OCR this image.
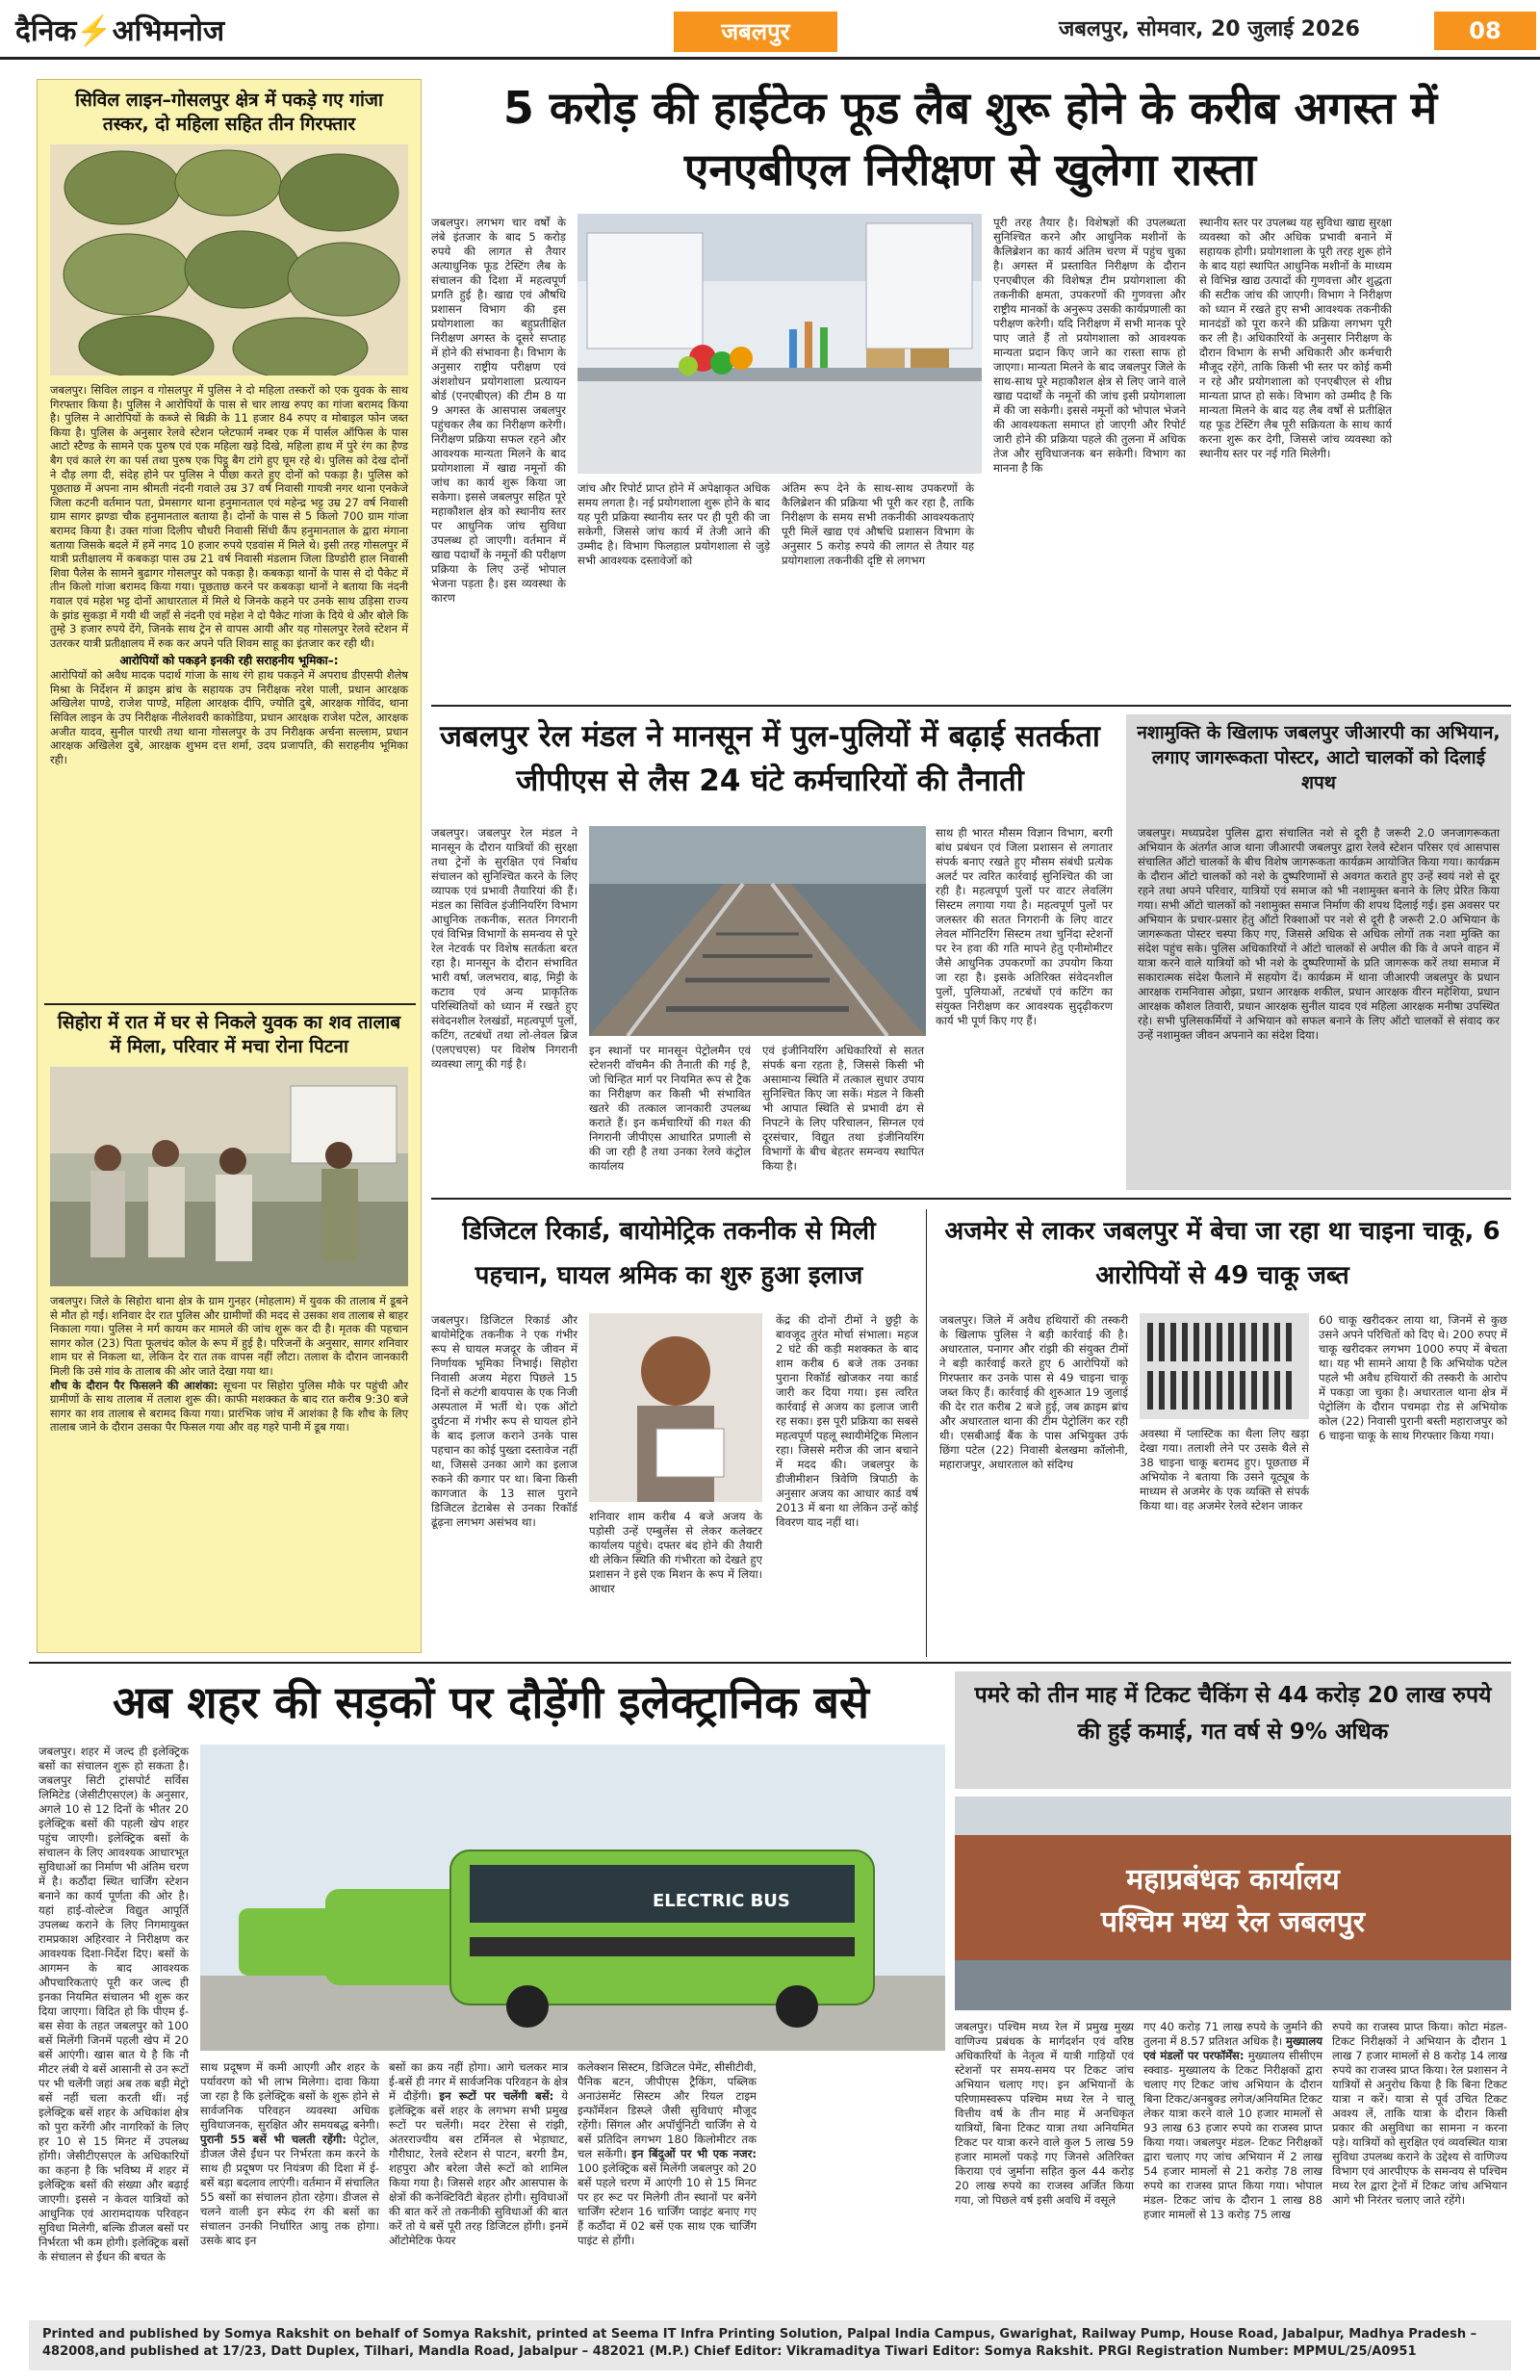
दैनिक⚡अभिमनोज	जबलपुर	जबलपुर, सोमवार, 20 जुलाई 2026	08
सिविल लाइन–गोसलपुर क्षेत्र में पकड़े गए गांजा तस्कर, दो महिला सहित तीन गिरफ्तार

जबलपुर। सिविल लाइन व गोसलपुर में पुलिस ने दो महिला तस्करों को एक युवक के साथ गिरफ्तार किया है। पुलिस ने आरोपियों के पास से चार लाख रुपए का गांजा बरामद किया है। पुलिस ने आरोपियों के कब्जे से बिक्री के 11 हजार 84 रुपए व मोबाइल फोन जब्त किया है। पुलिस के अनुसार रेलवे स्टेशन प्लेटफार्म नम्बर एक में पार्सल ऑफिस के पास आटो स्टैण्ड के सामने एक पुरुष एवं एक महिला खड़े दिखे, महिला हाथ में पुरे रंग का हैण्ड बैग एवं काले रंग का पर्स तथा पुरुष एक पिट्ठू बैग टांगे हुए घूम रहे थे। पुलिस को देख दोनों ने दौड़ लगा दी, संदेह होने पर पुलिस ने पीछा करते हुए दोनों को पकड़ा है। पुलिस को पूछताछ में अपना नाम श्रीमती नंदनी गवाले उम्र 37 वर्ष निवासी गायत्री नगर थाना एनकेजे जिला कटनी वर्तमान पता, प्रेमसागर थाना हनुमानताल एवं महेन्द्र भट्ट उम्र 27 वर्ष निवासी ग्राम सागर झण्डा चौक हनुमानताल बताया है। दोनों के पास से 5 किलो 700 ग्राम गांजा बरामद किया है। उक्त गांजा दिलीप चौधरी निवासी सिंधी कैंप हनुमानताल के द्वारा मंगाना बताया जिसके बदले में हमें नगद 10 हजार रुपये एडवांस में मिले थे। इसी तरह गोसलपुर में यात्री प्रतीक्षालय में कबकड़ा पास उम्र 21 वर्ष निवासी मंडलाम जिला डिण्डोरी हाल निवासी शिवा पैलेस के सामने बुढागर गोसलपुर को पकड़ा है। कबकड़ा थानों के पास से दो पैकेट में तीन किलो गांजा बरामद किया गया। पूछताछ करने पर कबकड़ा थानों ने बताया कि नंदनी गवाल एवं महेश भट्ट दोनों आधारताल में मिले थे जिनके कहने पर उनके साथ उड़िसा राज्य के झांड सुकड़ा में गयी थी जहाँ से नंदनी एवं महेश ने दो पैकेट गांजा के दिये थे और बोले कि तुम्हे 3 हजार रुपये देंगे, जिनके साथ ट्रेन से वापस आयी और यह गोसलपुर रेलवे स्टेशन में उतरकर यात्री प्रतीक्षालय में रुक कर अपने पति शिवम साहू का इंतजार कर रही थी।

आरोपियों को पकड़ने इनकी रही सराहनीय भूमिका–:

आरोपियों को अवैध मादक पदार्थ गांजा के साथ रंगे हाथ पकड़ने में अपराध डीएसपी शैलेष मिश्रा के निर्देशन में क्राइम ब्रांच के सहायक उप निरीक्षक नरेश पाली, प्रधान आरक्षक अखिलेश पाण्डे, राजेश पाण्डे, महिला आरक्षक दीपि, ज्योति दुबे, आरक्षक गोविंद, थाना सिविल लाइन के उप निरीक्षक नीलेशवरी काकोडिया, प्रधान आरक्षक राजेश पटेल, आरक्षक अजीत यादव, सुनील पारधी तथा थाना गोसलपुर के उप निरीक्षक अर्चना सल्लाम, प्रधान आरक्षक अखिलेश दुबे, आरक्षक शुभम दत्त शर्मा, उदय प्रजापति, की सराहनीय भूमिका रही।

सिहोरा में रात में घर से निकले युवक का शव तालाब में मिला, परिवार में मचा रोना पिटना

जबलपुर। जिले के सिहोरा थाना क्षेत्र के ग्राम गुनहर (मोहलाम) में युवक की तालाब में डूबने से मौत हो गई। शनिवार देर रात पुलिस और ग्रामीणों की मदद से उसका शव तालाब से बाहर निकाला गया। पुलिस ने मर्ग कायम कर मामले की जांच शुरू कर दी है। मृतक की पहचान सागर कोल (23) पिता फूलचंद कोल के रूप में हुई है। परिजनों के अनुसार, सागर शनिवार शाम घर से निकला था, लेकिन देर रात तक वापस नहीं लौटा। तलाश के दौरान जानकारी मिली कि उसे गांव के तालाब की ओर जाते देखा गया था।

शौच के दौरान पैर फिसलने की आशंका: सूचना पर सिहोरा पुलिस मौके पर पहुंची और ग्रामीणों के साथ तालाब में तलाश शुरू की। काफी मशक्कत के बाद रात करीब 9:30 बजे सागर का शव तालाब से बरामद किया गया। प्रारंभिक जांच में आशंका है कि शौच के लिए तालाब जाने के दौरान उसका पैर फिसल गया और वह गहरे पानी में डूब गया।

5 करोड़ की हाईटेक फूड लैब शुरू होने के करीब अगस्त में एनएबीएल निरीक्षण से खुलेगा रास्ता

जबलपुर। लगभग चार वर्षों के लंबे इंतजार के बाद 5 करोड़ रुपये की लागत से तैयार अत्याधुनिक फूड टेस्टिंग लैब के संचालन की दिशा में महत्वपूर्ण प्रगति हुई है। खाद्य एवं औषधि प्रशासन विभाग की इस प्रयोगशाला का बहुप्रतीक्षित निरीक्षण अगस्त के दूसरे सप्ताह में होने की संभावना है। विभाग के अनुसार राष्ट्रीय परीक्षण एवं अंशशोधन प्रयोगशाला प्रत्यायन बोर्ड (एनएबीएल) की टीम 8 या 9 अगस्त के आसपास जबलपुर पहुंचकर लैब का निरीक्षण करेगी। निरीक्षण प्रक्रिया सफल रहने और आवश्यक मान्यता मिलने के बाद प्रयोगशाला में खाद्य नमूनों की जांच का कार्य शुरू किया जा सकेगा। इससे जबलपुर सहित पूरे महाकौशल क्षेत्र को स्थानीय स्तर पर आधुनिक जांच सुविधा उपलब्ध हो जाएगी। वर्तमान में खाद्य पदार्थों के नमूनों की परीक्षण प्रक्रिया के लिए उन्हें भोपाल भेजना पड़ता है। इस व्यवस्था के कारण

जांच और रिपोर्ट प्राप्त होने में अपेक्षाकृत अधिक समय लगता है। नई प्रयोगशाला शुरू होने के बाद यह पूरी प्रक्रिया स्थानीय स्तर पर ही पूरी की जा सकेगी, जिससे जांच कार्य में तेजी आने की उम्मीद है। विभाग फिलहाल प्रयोगशाला से जुड़े सभी आवश्यक दस्तावेजों को

अंतिम रूप देने के साथ-साथ उपकरणों के कैलिब्रेशन की प्रक्रिया भी पूरी कर रहा है, ताकि निरीक्षण के समय सभी तकनीकी आवश्यकताएं पूरी मिलें खाद्य एवं औषधि प्रशासन विभाग के अनुसार 5 करोड़ रुपये की लागत से तैयार यह प्रयोगशाला तकनीकी दृष्टि से लगभग

पूरी तरह तैयार है। विशेषज्ञों की उपलब्धता सुनिश्चित करने और आधुनिक मशीनों के कैलिब्रेशन का कार्य अंतिम चरण में पहुंच चुका है। अगस्त में प्रस्तावित निरीक्षण के दौरान एनएबीएल की विशेषज्ञ टीम प्रयोगशाला की तकनीकी क्षमता, उपकरणों की गुणवत्ता और राष्ट्रीय मानकों के अनुरूप उसकी कार्यप्रणाली का परीक्षण करेगी। यदि निरीक्षण में सभी मानक पूरे पाए जाते हैं तो प्रयोगशाला को आवश्यक मान्यता प्रदान किए जाने का रास्ता साफ हो जाएगा। मान्यता मिलने के बाद जबलपुर जिले के साथ-साथ पूरे महाकौशल क्षेत्र से लिए जाने वाले खाद्य पदार्थों के नमूनों की जांच इसी प्रयोगशाला में की जा सकेगी। इससे नमूनों को भोपाल भेजने की आवश्यकता समाप्त हो जाएगी और रिपोर्ट जारी होने की प्रक्रिया पहले की तुलना में अधिक तेज और सुविधाजनक बन सकेगी। विभाग का मानना है कि

स्थानीय स्तर पर उपलब्ध यह सुविधा खाद्य सुरक्षा व्यवस्था को और अधिक प्रभावी बनाने में सहायक होगी। प्रयोगशाला के पूरी तरह शुरू होने के बाद यहां स्थापित आधुनिक मशीनों के माध्यम से विभिन्न खाद्य उत्पादों की गुणवत्ता और शुद्धता की सटीक जांच की जाएगी। विभाग ने निरीक्षण को ध्यान में रखते हुए सभी आवश्यक तकनीकी मानदंडों को पूरा करने की प्रक्रिया लगभग पूरी कर ली है। अधिकारियों के अनुसार निरीक्षण के दौरान विभाग के सभी अधिकारी और कर्मचारी मौजूद रहेंगे, ताकि किसी भी स्तर पर कोई कमी न रहे और प्रयोगशाला को एनएबीएल से शीघ्र मान्यता प्राप्त हो सके। विभाग को उम्मीद है कि मान्यता मिलने के बाद यह लैब वर्षों से प्रतीक्षित यह फूड टेस्टिंग लैब पूरी सक्रियता के साथ कार्य करना शुरू कर देगी, जिससे जांच व्यवस्था को स्थानीय स्तर पर नई गति मिलेगी।

जबलपुर रेल मंडल ने मानसून में पुल-पुलियों में बढ़ाई सतर्कता जीपीएस से लैस 24 घंटे कर्मचारियों की तैनाती

जबलपुर। जबलपुर रेल मंडल ने मानसून के दौरान यात्रियों की सुरक्षा तथा ट्रेनों के सुरक्षित एवं निर्बाध संचालन को सुनिश्चित करने के लिए व्यापक एवं प्रभावी तैयारियां की हैं। मंडल का सिविल इंजीनियरिंग विभाग आधुनिक तकनीक, सतत निगरानी एवं विभिन्न विभागों के समन्वय से पूरे रेल नेटवर्क पर विशेष सतर्कता बरत रहा है। मानसून के दौरान संभावित भारी वर्षा, जलभराव, बाढ़, मिट्टी के कटाव एवं अन्य प्राकृतिक परिस्थितियों को ध्यान में रखते हुए संवेदनशील रेलखंडों, महत्वपूर्ण पुलों, कटिंग, तटबंधों तथा लो-लेवल ब्रिज (एलएचएस) पर विशेष निगरानी व्यवस्था लागू की गई है।

इन स्थानों पर मानसून पेट्रोलमैन एवं स्टेशनरी वॉचमैन की तैनाती की गई है, जो चिन्हित मार्ग पर नियमित रूप से ट्रैक का निरीक्षण कर किसी भी संभावित खतरे की तत्काल जानकारी उपलब्ध कराते हैं। इन कर्मचारियों की गश्त की निगरानी जीपीएस आधारित प्रणाली से की जा रही है तथा उनका रेलवे कंट्रोल कार्यालय

एवं इंजीनियरिंग अधिकारियों से सतत संपर्क बना रहता है, जिससे किसी भी असामान्य स्थिति में तत्काल सुधार उपाय सुनिश्चित किए जा सकें। मंडल ने किसी भी आपात स्थिति से प्रभावी ढंग से निपटने के लिए परिचालन, सिग्नल एवं दूरसंचार, विद्युत तथा इंजीनियरिंग विभागों के बीच बेहतर समन्वय स्थापित किया है।

साथ ही भारत मौसम विज्ञान विभाग, बरगी बांध प्रबंधन एवं जिला प्रशासन से लगातार संपर्क बनाए रखते हुए मौसम संबंधी प्रत्येक अलर्ट पर त्वरित कार्रवाई सुनिश्चित की जा रही है। महत्वपूर्ण पुलों पर वाटर लेवलिंग सिस्टम लगाया गया है। महत्वपूर्ण पुलों पर जलस्तर की सतत निगरानी के लिए वाटर लेवल मॉनिटरिंग सिस्टम तथा चुनिंदा स्टेशनों पर रेन हवा की गति मापने हेतु एनीमोमीटर जैसे आधुनिक उपकरणों का उपयोग किया जा रहा है। इसके अतिरिक्त संवेदनशील पुलों, पुलियाओं, तटबंधों एवं कटिंग का संयुक्त निरीक्षण कर आवश्यक सुदृढ़ीकरण कार्य भी पूर्ण किए गए हैं।

नशामुक्ति के खिलाफ जबलपुर जीआरपी का अभियान, लगाए जागरूकता पोस्टर, आटो चालकों को दिलाई शपथ

जबलपुर। मध्यप्रदेश पुलिस द्वारा संचालित नशे से दूरी है जरूरी 2.0 जनजागरूकता अभियान के अंतर्गत आज थाना जीआरपी जबलपुर द्वारा रेलवे स्टेशन परिसर एवं आसपास संचालित ऑटो चालकों के बीच विशेष जागरूकता कार्यक्रम आयोजित किया गया। कार्यक्रम के दौरान ऑटो चालकों को नशे के दुष्परिणामों से अवगत कराते हुए उन्हें स्वयं नशे से दूर रहने तथा अपने परिवार, यात्रियों एवं समाज को भी नशामुक्त बनाने के लिए प्रेरित किया गया। सभी ऑटो चालकों को नशामुक्त समाज निर्माण की शपथ दिलाई गई। इस अवसर पर अभियान के प्रचार-प्रसार हेतु ऑटो रिक्शाओं पर नशे से दूरी है जरूरी 2.0 अभियान के जागरूकता पोस्टर चस्पा किए गए, जिससे अधिक से अधिक लोगों तक नशा मुक्ति का संदेश पहुंच सके। पुलिस अधिकारियों ने ऑटो चालकों से अपील की कि वे अपने वाहन में यात्रा करने वाले यात्रियों को भी नशे के दुष्परिणामों के प्रति जागरूक करें तथा समाज में सकारात्मक संदेश फैलाने में सहयोग दें। कार्यक्रम में थाना जीआरपी जबलपुर के प्रधान आरक्षक रामनिवास ओझा, प्रधान आरक्षक शकील, प्रधान आरक्षक वीरन महेशिया, प्रधान आरक्षक कौशल तिवारी, प्रधान आरक्षक सुनील यादव एवं महिला आरक्षक मनीषा उपस्थित रहे। सभी पुलिसकर्मियों ने अभियान को सफल बनाने के लिए ऑटो चालकों से संवाद कर उन्हें नशामुक्त जीवन अपनाने का संदेश दिया।

डिजिटल रिकार्ड, बायोमेट्रिक तकनीक से मिली पहचान, घायल श्रमिक का शुरु हुआ इलाज

जबलपुर। डिजिटल रिकार्ड और बायोमेट्रिक तकनीक ने एक गंभीर रूप से घायल मजदूर के जीवन में निर्णायक भूमिका निभाई। सिहोरा निवासी अजय मेहरा पिछले 15 दिनों से कटंगी बायपास के एक निजी अस्पताल में भर्ती थे। एक ऑटो दुर्घटना में गंभीर रूप से घायल होने के बाद इलाज कराने उनके पास पहचान का कोई पुख्ता दस्तावेज नहीं था, जिससे उनका आगे का इलाज रुकने की कगार पर था। बिना किसी कागजात के 13 साल पुराने डिजिटल डेटाबेस से उनका रिकॉर्ड ढूंढ़ना लगभग असंभव था।	शनिवार शाम करीब 4 बजे अजय के पड़ोसी उन्हें एम्बुलेंस से लेकर कलेक्टर कार्यालय पहुंचे। दफ्तर बंद होने की तैयारी थी लेकिन स्थिति की गंभीरता को देखते हुए प्रशासन ने इसे एक मिशन के रूप में लिया। आधार

केंद्र की दोनों टीमों ने छुट्टी के बावजूद तुरंत मोर्चा संभाला। महज 2 घंटे की कड़ी मशक्कत के बाद शाम करीब 6 बजे तक उनका पुराना रिकॉर्ड खोजकर नया कार्ड जारी कर दिया गया। इस त्वरित कार्रवाई से अजय का इलाज जारी रह सका। इस पूरी प्रक्रिया का सबसे महत्वपूर्ण पहलू स्थायीमेट्रिक मिलान रहा। जिससे मरीज की जान बचाने में मदद की। जबलपुर के डीजीमीशन त्रिवेणि त्रिपाठी के अनुसार अजय का आधार कार्ड वर्ष 2013 में बना था लेकिन उन्हें कोई विवरण याद नहीं था।

अजमेर से लाकर जबलपुर में बेचा जा रहा था चाइना चाकू, 6 आरोपियों से 49 चाकू जब्त

जबलपुर। जिले में अवैध हथियारों की तस्करी के खिलाफ पुलिस ने बड़ी कार्रवाई की है। अधारताल, पनागर और रांझी की संयुक्त टीमों ने बड़ी कार्रवाई करते हुए 6 आरोपियों को गिरफ्तार कर उनके पास से 49 चाइना चाकू जब्त किए हैं। कार्रवाई की शुरुआत 19 जुलाई की देर रात करीब 2 बजे हुई, जब क्राइम ब्रांच और अधारताल थाना की टीम पेट्रोलिंग कर रही थी। एसबीआई बैंक के पास अभियुक्त उर्फ छिंगा पटेल (22) निवासी बेलखमा कॉलोनी, महाराजपुर, अधारताल को संदिग्ध

अवस्था में प्लास्टिक का थैला लिए खड़ा देखा गया। तलाशी लेने पर उसके थैले से 38 चाइना चाकू बरामद हुए। पूछताछ में अभियोक ने बताया कि उसने यूट्यूब के माध्यम से अजमेर के एक व्यक्ति से संपर्क किया था। वह अजमेर रेलवे स्टेशन जाकर

60 चाकू खरीदकर लाया था, जिनमें से कुछ उसने अपने परिचितों को दिए थे। 200 रुपए में चाकू खरीदकर लगभग 1000 रुपए में बेचता था। यह भी सामने आया है कि अभियोक पटेल पहले भी अवैध हथियारों की तस्करी के आरोप में पकड़ा जा चुका है। अधारताल थाना क्षेत्र में पेट्रोलिंग के दौरान पचमढ़ा रोड से अभियोक कोल (22) निवासी पुरानी बस्ती महाराजपुर को 6 चाइना चाकू के साथ गिरफ्तार किया गया।

अब शहर की सड़कों पर दौड़ेंगी इलेक्ट्रानिक बसे

जबलपुर। शहर में जल्द ही इलेक्ट्रिक बसों का संचालन शुरू हो सकता है। जबलपुर सिटी ट्रांसपोर्ट सर्विस लिमिटेड (जेसीटीएसएल) के अनुसार, अगले 10 से 12 दिनों के भीतर 20 इलेक्ट्रिक बसों की पहली खेप शहर पहुंच जाएगी। इलेक्ट्रिक बसों के संचालन के लिए आवश्यक आधारभूत सुविधाओं का निर्माण भी अंतिम चरण में है। कठौंदा स्थित चार्जिंग स्टेशन बनाने का कार्य पूर्णता की ओर है। यहां हाई-वोल्टेज विद्युत आपूर्ति उपलब्ध कराने के लिए निगमायुक्त रामप्रकाश अहिरवार ने निरीक्षण कर आवश्यक दिशा-निर्देश दिए। बसों के आगमन के बाद आवश्यक औपचारिकताएं पूरी कर जल्द ही इनका नियमित संचालन भी शुरू कर दिया जाएगा। विदित हो कि पीएम ई-बस सेवा के तहत जबलपुर को 100 बसें मिलेंगी जिनमें पहली खेप में 20 बसें आएंगी। खास बात ये है कि नौ मीटर लंबी ये बसें आसानी से उन रूटों पर भी चलेंगी जहां अब तक बड़ी मेट्रो बसें नहीं चला करती थीं। नई इलेक्ट्रिक बसें शहर के अधिकांश क्षेत्र को पुरा करेंगी और नागरिकों के लिए हर 10 से 15 मिनट में उपलब्ध होंगी। जेसीटीएसएल के अधिकारियों का कहना है कि भविष्य में शहर में इलेक्ट्रिक बसों की संख्या और बढ़ाई जाएगी। इससे न केवल यात्रियों को आधुनिक एवं आरामदायक परिवहन सुविधा मिलेगी, बल्कि डीजल बसों पर निर्भरता भी कम होगी। इलेक्ट्रिक बसों के संचालन से ईंधन की बचत के

ELECTRIC BUS

साथ प्रदूषण में कमी आएगी और शहर के पर्यावरण को भी लाभ मिलेगा। दावा किया जा रहा है कि इलेक्ट्रिक बसों के शुरू होने से सार्वजनिक परिवहन व्यवस्था अधिक सुविधाजनक, सुरक्षित और समयबद्ध बनेगी। पुरानी 55 बसें भी चलती रहेंगी: पेट्रोल, डीजल जैसे ईंधन पर निर्भरता कम करने के साथ ही प्रदूषण पर नियंत्रण की दिशा में ई-बसें बड़ा बदलाव लाएंगी। वर्तमान में संचालित 55 बसों का संचालन होता रहेगा। डीजल से चलने वाली इन स्फेद रंग की बसों का संचालन उनकी निर्धारित आयु तक होगा। उसके बाद इन

बसों का क्रय नहीं होगा। आगे चलकर मात्र ई-बसें ही नगर में सार्वजनिक परिवहन के क्षेत्र में दौड़ेंगी। इन रूटों पर चलेंगी बसें: ये इलेक्ट्रिक बसें शहर के लगभग सभी प्रमुख रूटों पर चलेंगी। मदर टेरेसा से रांझी, अंतरराज्यीय बस टर्मिनल से भेड़ाघाट, गौरीघाट, रेलवे स्टेशन से पाटन, बरगी डैम, शहपुरा और बरेला जैसे रूटों को शामिल किया गया है। जिससे शहर और आसपास के क्षेत्रों की कनेक्टिविटी बेहतर होगी। सुविधाओं की बात करें तो तकनीकी सुविधाओं की बात करें तो ये बसें पूरी तरह डिजिटल होंगी। इनमें ऑटोमेटिक फेयर

कलेक्शन सिस्टम, डिजिटल पेमेंट, सीसीटीवी, पैनिक बटन, जीपीएस ट्रैकिंग, पब्लिक अनाउंसमेंट सिस्टम और रियल टाइम इन्फॉर्मेशन डिस्प्ले जैसी सुविधाएं मौजूद रहेंगी। सिंगल और अपॉर्चुनिटी चार्जिंग से ये बसें प्रतिदिन लगभग 180 किलोमीटर तक चल सकेंगी। इन बिंदुओं पर भी एक नजर: 100 इलेक्ट्रिक बसें मिलेंगी जबलपुर को 20 बसें पहले चरण में आएंगी 10 से 15 मिनट पर हर रूट पर मिलेगी तीन स्थानों पर बनेंगे चार्जिंग स्टेशन 16 चार्जिंग प्वाइंट बनाए गए हैं कठौंदा में 02 बसें एक साथ एक चार्जिंग पाइंट से होंगी।

पमरे को तीन माह में टिकट चैकिंग से 44 करोड़ 20 लाख रुपये की हुई कमाई, गत वर्ष से 9% अधिक
महाप्रबंधक कार्यालय
पश्चिम मध्य रेल जबलपुर

जबलपुर। पश्चिम मध्य रेल में प्रमुख मुख्य वाणिज्य प्रबंधक के मार्गदर्शन एवं वरिष्ठ अधिकारियों के नेतृत्व में यात्री गाड़ियों एवं स्टेशनों पर समय-समय पर टिकट जांच अभियान चलाए गए। इन अभियानों के परिणामस्वरूप पश्चिम मध्य रेल ने चालू वित्तीय वर्ष के तीन माह में अनधिकृत यात्रियों, बिना टिकट यात्रा तथा अनियमित टिकट पर यात्रा करने वाले कुल 5 लाख 59 हजार मामलों पकड़े गए जिनसे अतिरिक्त किराया एवं जुर्माना सहित कुल 44 करोड़ 20 लाख रुपये का राजस्व अर्जित किया गया, जो पिछले वर्ष इसी अवधि में वसूले

गए 40 करोड़ 71 लाख रुपये के जुर्माने की तुलना में 8.57 प्रतिशत अधिक है। मुख्यालय एवं मंडलों पर परफॉर्मेंस: मुख्यालय सीसीएम स्क्वाड- मुख्यालय के टिकट निरीक्षकों द्वारा चलाए गए टिकट जांच अभियान के दौरान बिना टिकट/अनबुक्ड लगेज/अनियमित टिकट लेकर यात्रा करने वाले 10 हजार मामलों से 93 लाख 63 हजार रुपये का राजस्व प्राप्त किया गया। जबलपुर मंडल- टिकट निरीक्षकों द्वारा चलाए गए जांच अभियान में 2 लाख 54 हजार मामलों से 21 करोड़ 78 लाख रुपये का राजस्व प्राप्त किया गया। भोपाल मंडल- टिकट जांच के दौरान 1 लाख 88 हजार मामलों से 13 करोड़ 75 लाख

रुपये का राजस्व प्राप्त किया। कोटा मंडल- टिकट निरीक्षकों ने अभियान के दौरान 1 लाख 7 हजार मामलों से 8 करोड़ 14 लाख रुपये का राजस्व प्राप्त किया। रेल प्रशासन ने यात्रियों से अनुरोध किया है कि बिना टिकट यात्रा न करें। यात्रा से पूर्व उचित टिकट अवश्य लें, ताकि यात्रा के दौरान किसी प्रकार की असुविधा का सामना न करना पड़े। यात्रियों को सुरक्षित एवं व्यवस्थित यात्रा सुविधा उपलब्ध कराने के उद्देश्य से वाणिज्य विभाग एवं आरपीएफ के समन्वय से पश्चिम मध्य रेल द्वारा ट्रेनों में टिकट जांच अभियान आगे भी निरंतर चलाए जाते रहेंगे।

Printed and published by Somya Rakshit on behalf of Somya Rakshit, printed at Seema IT Infra Printing Solution, Palpal India Campus, Gwarighat, Railway Pump, House Road, Jabalpur, Madhya Pradesh – 482008,and published at 17/23, Datt Duplex, Tilhari, Mandla Road, Jabalpur – 482021 (M.P.) Chief Editor: Vikramaditya Tiwari Editor: Somya Rakshit. PRGI Registration Number: MPMUL/25/A0951
